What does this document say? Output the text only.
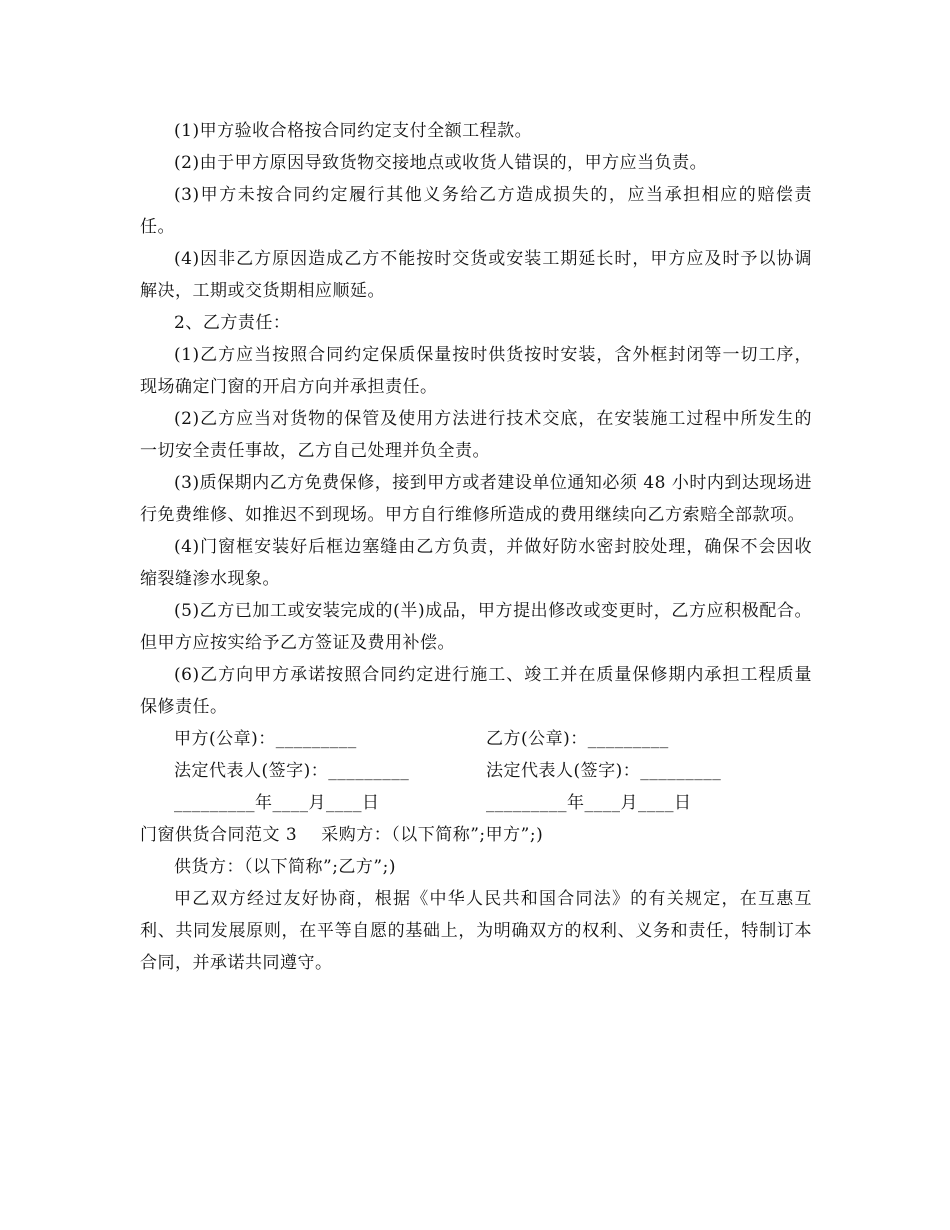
(1)甲方验收合格按合同约定支付全额工程款。

(2)由于甲方原因导致货物交接地点或收货人错误的，甲方应当负责。

(3)甲方未按合同约定履行其他义务给乙方造成损失的，应当承担相应的赔偿责任。

(4)因非乙方原因造成乙方不能按时交货或安装工期延长时，甲方应及时予以协调解决，工期或交货期相应顺延。

2、乙方责任：

(1)乙方应当按照合同约定保质保量按时供货按时安装，含外框封闭等一切工序，现场确定门窗的开启方向并承担责任。

(2)乙方应当对货物的保管及使用方法进行技术交底，在安装施工过程中所发生的一切安全责任事故，乙方自己处理并负全责。

(3)质保期内乙方免费保修，接到甲方或者建设单位通知必须 48 小时内到达现场进行免费维修、如推迟不到现场。甲方自行维修所造成的费用继续向乙方索赔全部款项。

(4)门窗框安装好后框边塞缝由乙方负责，并做好防水密封胶处理，确保不会因收缩裂缝渗水现象。

(5)乙方已加工或安装完成的(半)成品，甲方提出修改或变更时，乙方应积极配合。但甲方应按实给予乙方签证及费用补偿。

(6)乙方向甲方承诺按照合同约定进行施工、竣工并在质量保修期内承担工程质量保修责任。

甲方(公章)：_________	乙方(公章)：_________
法定代表人(签字)：_________	法定代表人(签字)：_________
_________年____月____日	_________年____月____日
门窗供货合同范文 3 采购方：（以下简称”;甲方”;)

供货方：（以下简称”;乙方”;)

甲乙双方经过友好协商，根据《中华人民共和国合同法》的有关规定，在互惠互利、共同发展原则，在平等自愿的基础上，为明确双方的权利、义务和责任，特制订本合同，并承诺共同遵守。
